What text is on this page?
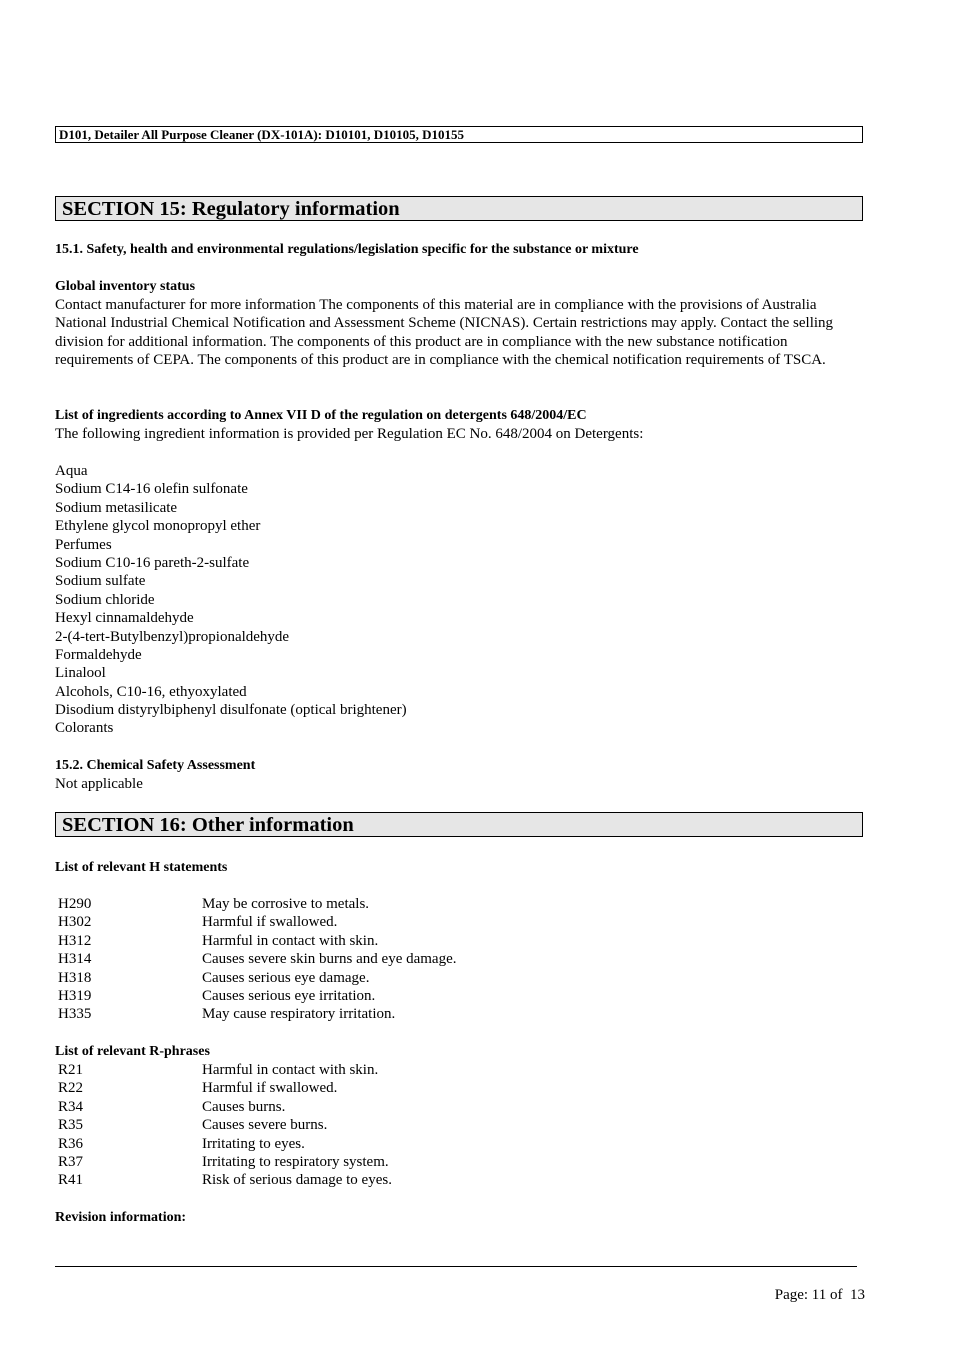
D101, Detailer All Purpose Cleaner (DX-101A): D10101, D10105, D10155
SECTION 15: Regulatory information
15.1. Safety, health and environmental regulations/legislation specific for the substance or mixture
Global inventory status
Contact manufacturer for more information The components of this material are in compliance with the provisions of Australia National Industrial Chemical Notification and Assessment Scheme (NICNAS). Certain restrictions may apply. Contact the selling division for additional information. The components of this product are in compliance with the new substance notification requirements of CEPA. The components of this product are in compliance with the chemical notification requirements of TSCA.
List of ingredients according to Annex VII D of the regulation on detergents 648/2004/EC
The following ingredient information is provided per Regulation EC No. 648/2004 on Detergents:
Aqua
Sodium C14-16 olefin sulfonate
Sodium metasilicate
Ethylene glycol monopropyl ether
Perfumes
Sodium C10-16 pareth-2-sulfate
Sodium sulfate
Sodium chloride
Hexyl cinnamaldehyde
2-(4-tert-Butylbenzyl)propionaldehyde
Formaldehyde
Linalool
Alcohols, C10-16, ethyoxylated
Disodium distyrylbiphenyl disulfonate (optical brightener)
Colorants
15.2. Chemical Safety Assessment
Not applicable
SECTION 16: Other information
List of relevant H statements
H290	May be corrosive to metals.
H302	Harmful if swallowed.
H312	Harmful in contact with skin.
H314	Causes severe skin burns and eye damage.
H318	Causes serious eye damage.
H319	Causes serious eye irritation.
H335	May cause respiratory irritation.
List of relevant R-phrases
R21	Harmful in contact with skin.
R22	Harmful if swallowed.
R34	Causes burns.
R35	Causes severe burns.
R36	Irritating to eyes.
R37	Irritating to respiratory system.
R41	Risk of serious damage to eyes.
Revision information:
Page: 11 of  13
